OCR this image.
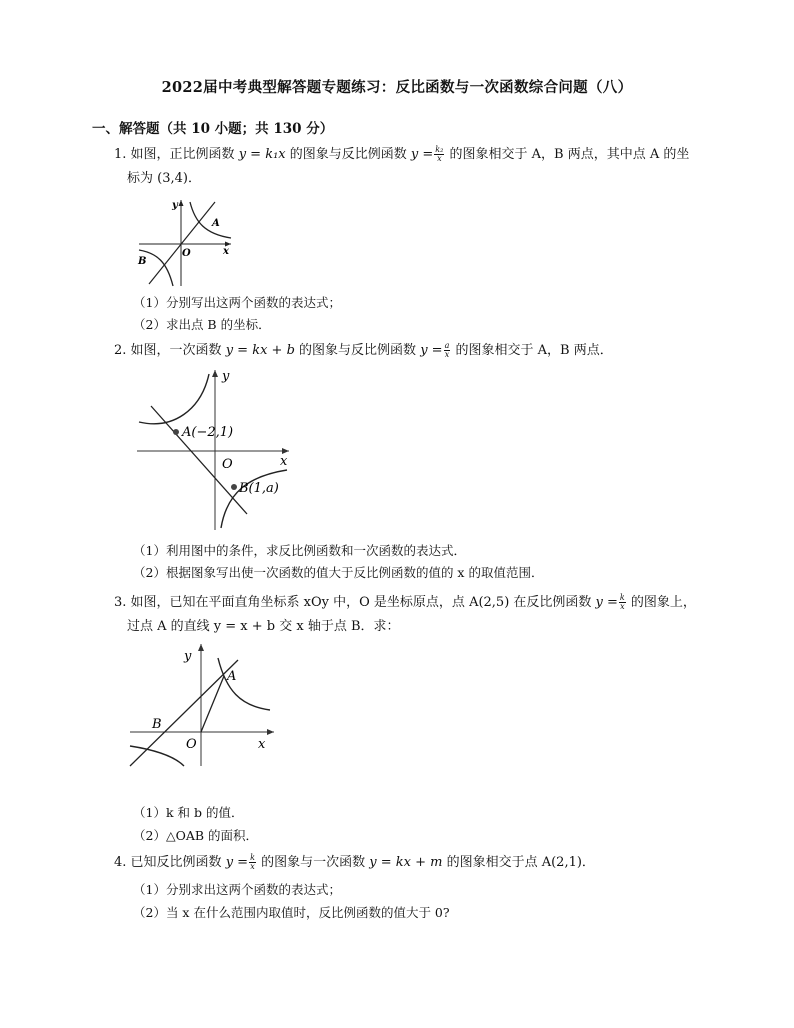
2022届中考典型解答题专题练习：反比函数与一次函数综合问题（八）
一、解答题（共 10 小题；共 130 分）
1. 如图，正比例函数 y = k₁x 的图象与反比例函数 $y = \frac{\text{k₂}}{x}$ 的图象相交于 A，B 两点，其中点 A 的坐
标为 (3,4)．
y
x
O
A
B
（1）分别写出这两个函数的表达式；
（2）求出点 B 的坐标．
2. 如图，一次函数 y = kx + b 的图象与反比例函数 $y = \frac{a}{x}$ 的图象相交于 A，B 两点．
y
x
O
A(−2,1)
B(1,a)
（1）利用图中的条件，求反比例函数和一次函数的表达式．
（2）根据图象写出使一次函数的值大于反比例函数的值的 x 的取值范围．
3. 如图，已知在平面直角坐标系 xOy 中，O 是坐标原点，点 A(2,5) 在反比例函数 $y = \frac{k}{x}$ 的图象上，
过点 A 的直线 y = x + b 交 x 轴于点 B．求：
y
x
O
A
B
（1）k 和 b 的值．
（2）△OAB 的面积．
4. 已知反比例函数 $y = \frac{k}{x}$ 的图象与一次函数 y = kx + m 的图象相交于点 A(2,1)．
（1）分别求出这两个函数的表达式；
（2）当 x 在什么范围内取值时，反比例函数的值大于 0?
